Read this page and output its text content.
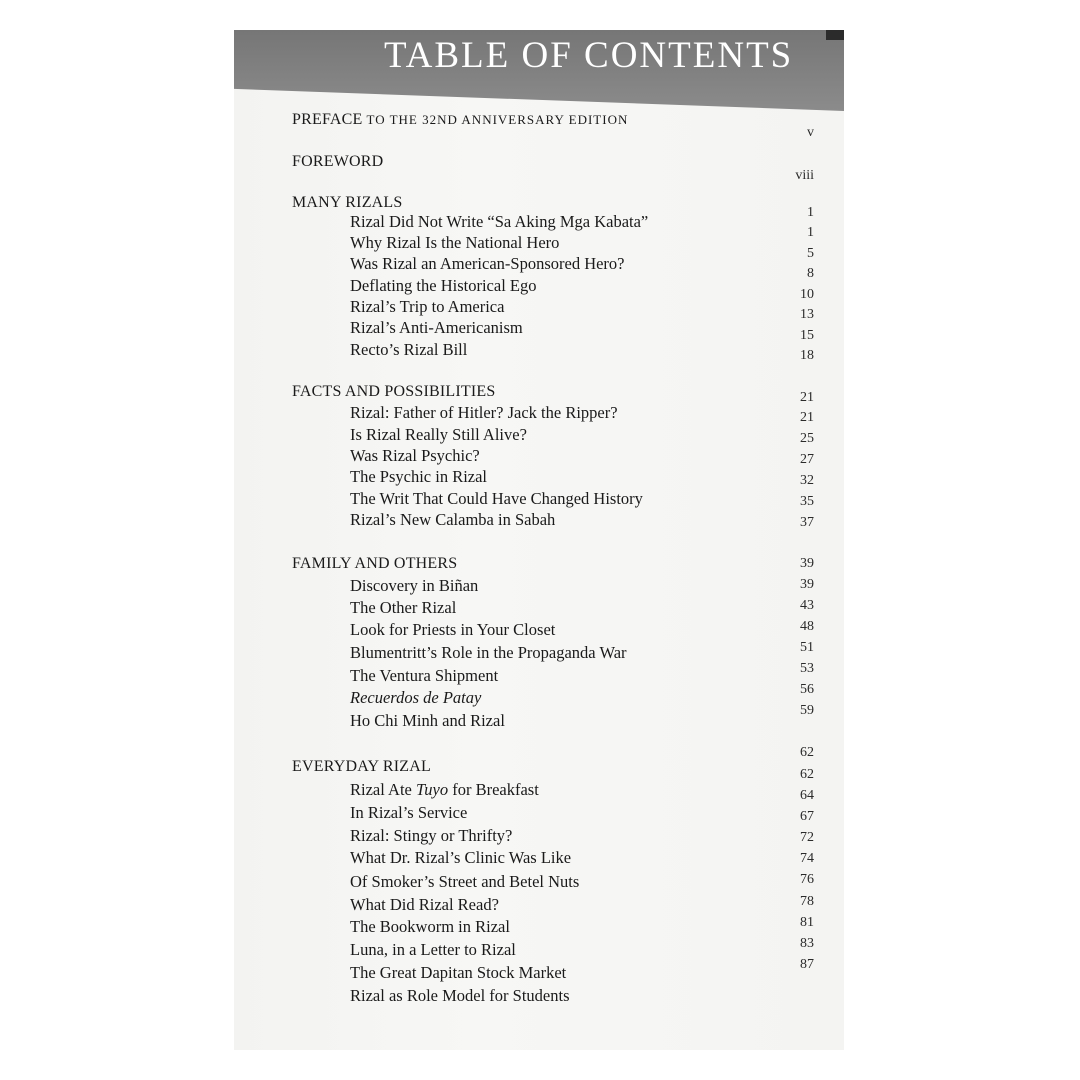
TABLE OF CONTENTS
PREFACE TO THE 32ND ANNIVERSARY EDITION
FOREWORD
MANY RIZALS
Rizal Did Not Write “Sa Aking Mga Kabata”
Why Rizal Is the National Hero
Was Rizal an American-Sponsored Hero?
Deflating the Historical Ego
Rizal’s Trip to America
Rizal’s Anti-Americanism
Recto’s Rizal Bill
FACTS AND POSSIBILITIES
Rizal: Father of Hitler? Jack the Ripper?
Is Rizal Really Still Alive?
Was Rizal Psychic?
The Psychic in Rizal
The Writ That Could Have Changed History
Rizal’s New Calamba in Sabah
FAMILY AND OTHERS
Discovery in Biñan
The Other Rizal
Look for Priests in Your Closet
Blumentritt’s Role in the Propaganda War
The Ventura Shipment
Recuerdos de Patay
Ho Chi Minh and Rizal
EVERYDAY RIZAL
Rizal Ate Tuyo for Breakfast
In Rizal’s Service
Rizal: Stingy or Thrifty?
What Dr. Rizal’s Clinic Was Like
Of Smoker’s Street and Betel Nuts
What Did Rizal Read?
The Bookworm in Rizal
Luna, in a Letter to Rizal
The Great Dapitan Stock Market
Rizal as Role Model for Students
v
viii
1
1
5
8
10
13
15
18
21
21
25
27
32
35
37
39
39
43
48
51
53
56
59
62
62
64
67
72
74
76
78
81
83
87
